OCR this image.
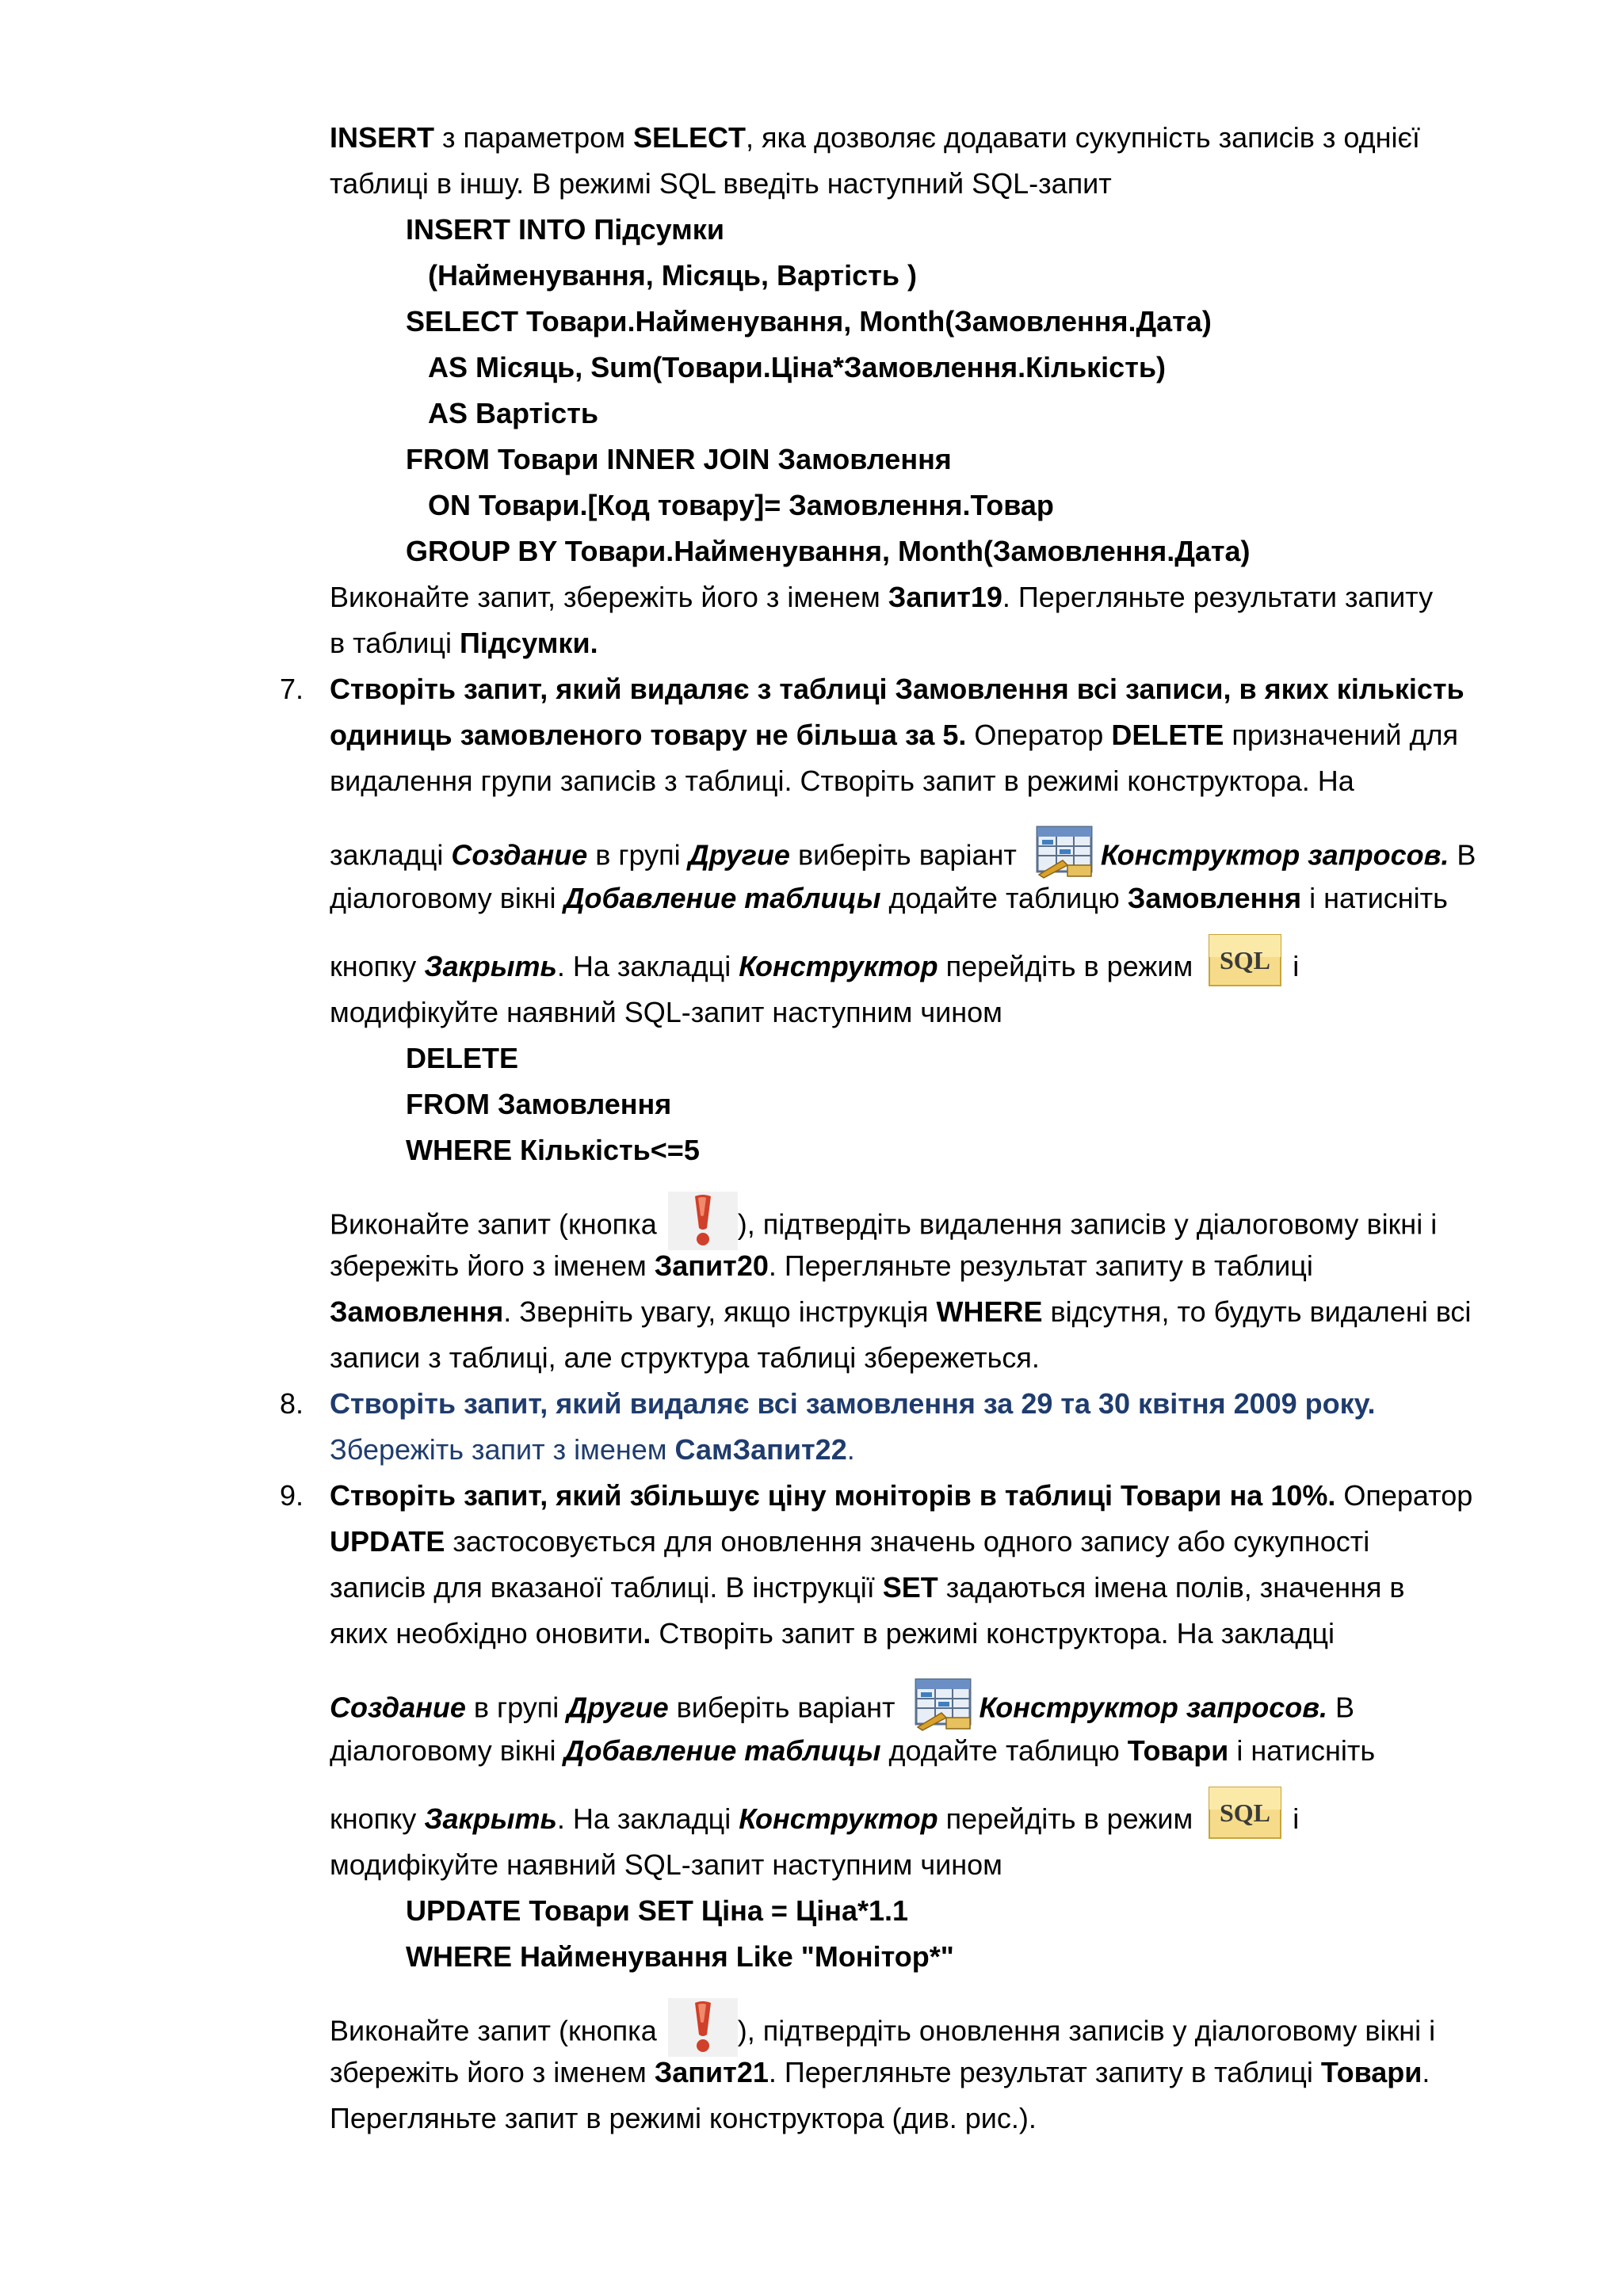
INSERT з параметром SELECT, яка дозволяє додавати сукупність записів з однієї
таблиці в іншу. В режимі SQL введіть наступний SQL-запит
INSERT INTO Підсумки
(Найменування, Місяць, Вартість )
SELECT Товари.Найменування, Month(Замовлення.Дата)
AS Місяць, Sum(Товари.Ціна*Замовлення.Кількість)
AS Вартість
FROM Товари INNER JOIN Замовлення
ON Товари.[Код товару]= Замовлення.Товар
GROUP BY Товари.Найменування, Month(Замовлення.Дата)
Виконайте запит, збережіть його з іменем Запит19. Перегляньте результати запиту
в таблиці Підсумки.
7. Створіть запит, який видаляє з таблиці Замовлення всі записи, в яких кількість
одиниць замовленого товару не більша за 5. Оператор DELETE призначений для
видалення групи записів з таблиці. Створіть запит в режимі конструктора. На
закладці Создание в групі Другие виберіть варіант	Конструктор запросов. В
діалоговому вікні Добавление таблицы додайте таблицю Замовлення і натисніть
кнопку Закрыть. На закладці Конструктор перейдіть в режим SQL і
модифікуйте наявний SQL-запит наступним чином
DELETE
FROM Замовлення
WHERE Кількість<=5
Виконайте запит (кнопка	), підтвердіть видалення записів у діалоговому вікні і
збережіть його з іменем Запит20. Перегляньте результат запиту в таблиці
Замовлення. Зверніть увагу, якщо інструкція WHERE відсутня, то будуть видалені всі
записи з таблиці, але структура таблиці збережеться.
8. Створіть запит, який видаляє всі замовлення за 29 та 30 квітня 2009 року.
Збережіть запит з іменем СамЗапит22.
9. Створіть запит, який збільшує ціну моніторів в таблиці Товари на 10%. Оператор
UPDATE застосовується для оновлення значень одного запису або сукупності
записів для вказаної таблиці. В інструкції SET задаються імена полів, значення в
яких необхідно оновити. Створіть запит в режимі конструктора. На закладці
Создание в групі Другие виберіть варіант	Конструктор запросов. В
діалоговому вікні Добавление таблицы додайте таблицю Товари і натисніть
кнопку Закрыть. На закладці Конструктор перейдіть в режим SQL і
модифікуйте наявний SQL-запит наступним чином
UPDATE Товари SET Ціна = Ціна*1.1
WHERE Найменування Like "Монітор*"
Виконайте запит (кнопка	), підтвердіть оновлення записів у діалоговому вікні і
збережіть його з іменем Запит21. Перегляньте результат запиту в таблиці Товари.
Перегляньте запит в режимі конструктора (див. рис.).
